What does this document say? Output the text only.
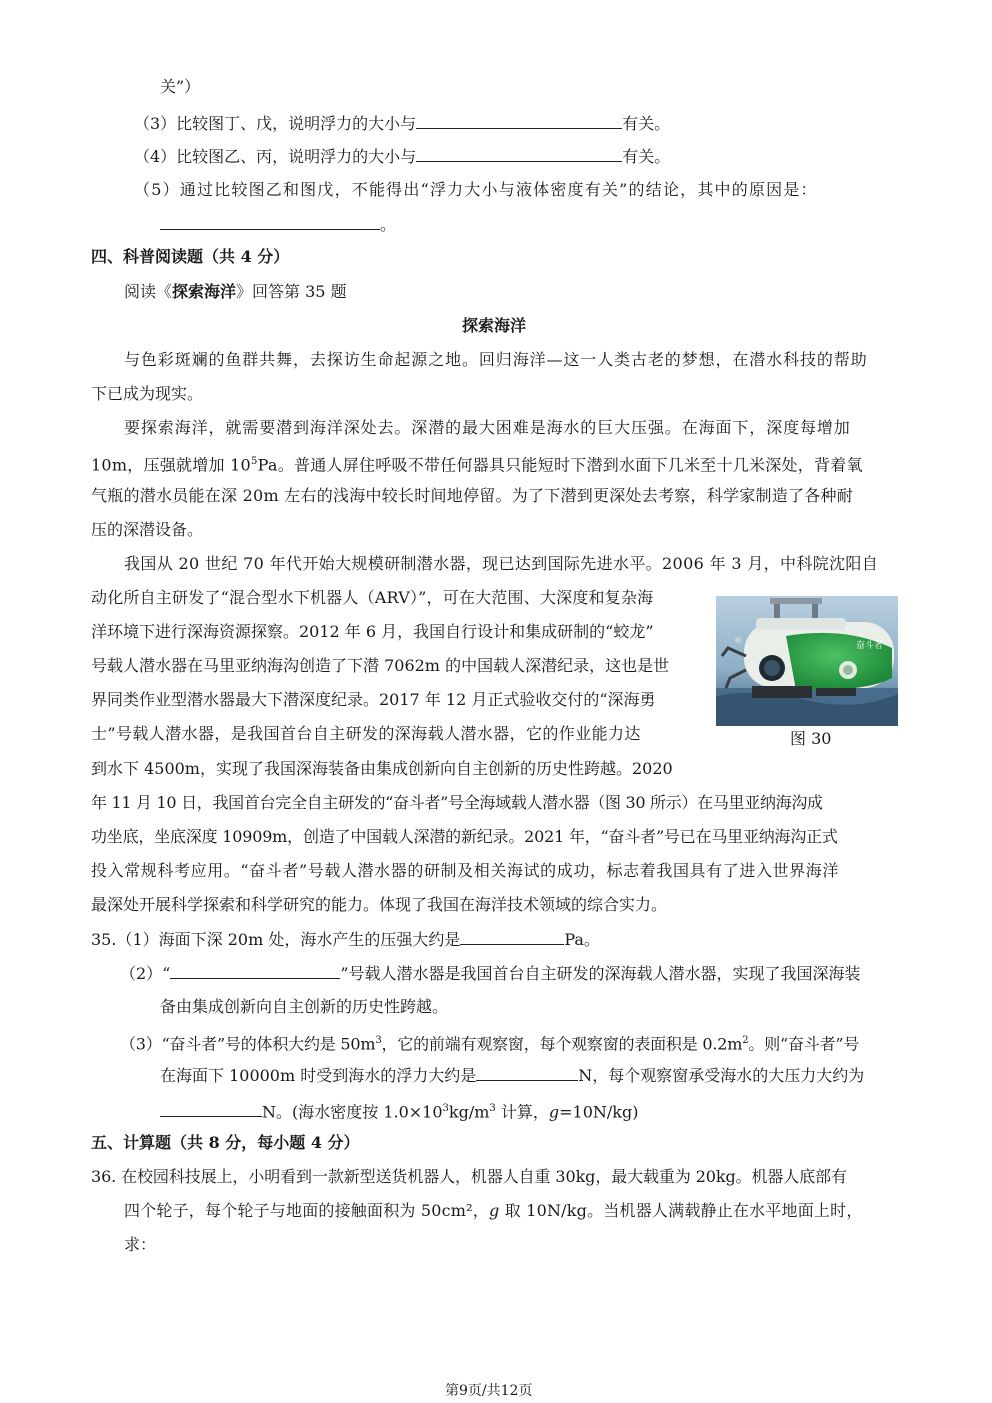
关”）
（3）比较图丁、戊，说明浮力的大小与	有关。
（4）比较图乙、丙，说明浮力的大小与	有关。
（5）通过比较图乙和图戊，不能得出“浮力大小与液体密度有关”的结论，其中的原因是：
。
四、科普阅读题（共 4 分）
阅读《探索海洋》回答第 35 题
探索海洋
与色彩斑斓的鱼群共舞，去探访生命起源之地。回归海洋—这一人类古老的梦想，在潜水科技的帮助
下已成为现实。
要探索海洋，就需要潜到海洋深处去。深潜的最大困难是海水的巨大压强。在海面下，深度每增加
10m，压强就增加 $10^5Pa$。普通人屏住呼吸不带任何器具只能短时下潜到水面下几米至十几米深处，背着氧
气瓶的潜水员能在深 20m 左右的浅海中较长时间地停留。为了下潜到更深处去考察，科学家制造了各种耐
压的深潜设备。
我国从 20 世纪 70 年代开始大规模研制潜水器，现已达到国际先进水平。2006 年 3 月，中科院沈阳自
动化所自主研发了“混合型水下机器人（ARV）”，可在大范围、大深度和复杂海
洋环境下进行深海资源探察。2012 年 6 月，我国自行设计和集成研制的“蛟龙”
号载人潜水器在马里亚纳海沟创造了下潜 7062m 的中国载人深潜纪录，这也是世
界同类作业型潜水器最大下潜深度纪录。2017 年 12 月正式验收交付的“深海勇
士”号载人潜水器，是我国首台自主研发的深海载人潜水器，它的作业能力达
到水下 4500m，实现了我国深海装备由集成创新向自主创新的历史性跨越。2020
年 11 月 10 日，我国首台完全自主研发的“奋斗者”号全海域载人潜水器（图 30 所示）在马里亚纳海沟成
功坐底，坐底深度 10909m，创造了中国载人深潜的新纪录。2021 年，“奋斗者”号已在马里亚纳海沟正式
投入常规科考应用。“奋斗者”号载人潜水器的研制及相关海试的成功，标志着我国具有了进入世界海洋
最深处开展科学探索和科学研究的能力。体现了我国在海洋技术领域的综合实力。
奋斗者
图 30
35.（1）海面下深 20m 处，海水产生的压强大约是	Pa。
（2）“	”号载人潜水器是我国首台自主研发的深海载人潜水器，实现了我国深海装
备由集成创新向自主创新的历史性跨越。
（3）“奋斗者”号的体积大约是 $50m^3$，它的前端有观察窗，每个观察窗的表面积是 $0.2m^2$。则“奋斗者”号
在海面下 10000m 时受到海水的浮力大约是	N，每个观察窗承受海水的大压力大约为
N。(海水密度按 $1.0\times 10^3kg/m^3$ 计算，g=10N/kg)
五、计算题（共 8 分，每小题 4 分）
36. 在校园科技展上，小明看到一款新型送货机器人，机器人自重 30kg，最大载重为 20kg。机器人底部有
四个轮子，每个轮子与地面的接触面积为 50cm²，g 取 10N/kg。当机器人满载静止在水平地面上时，
求：
第9页/共12页
